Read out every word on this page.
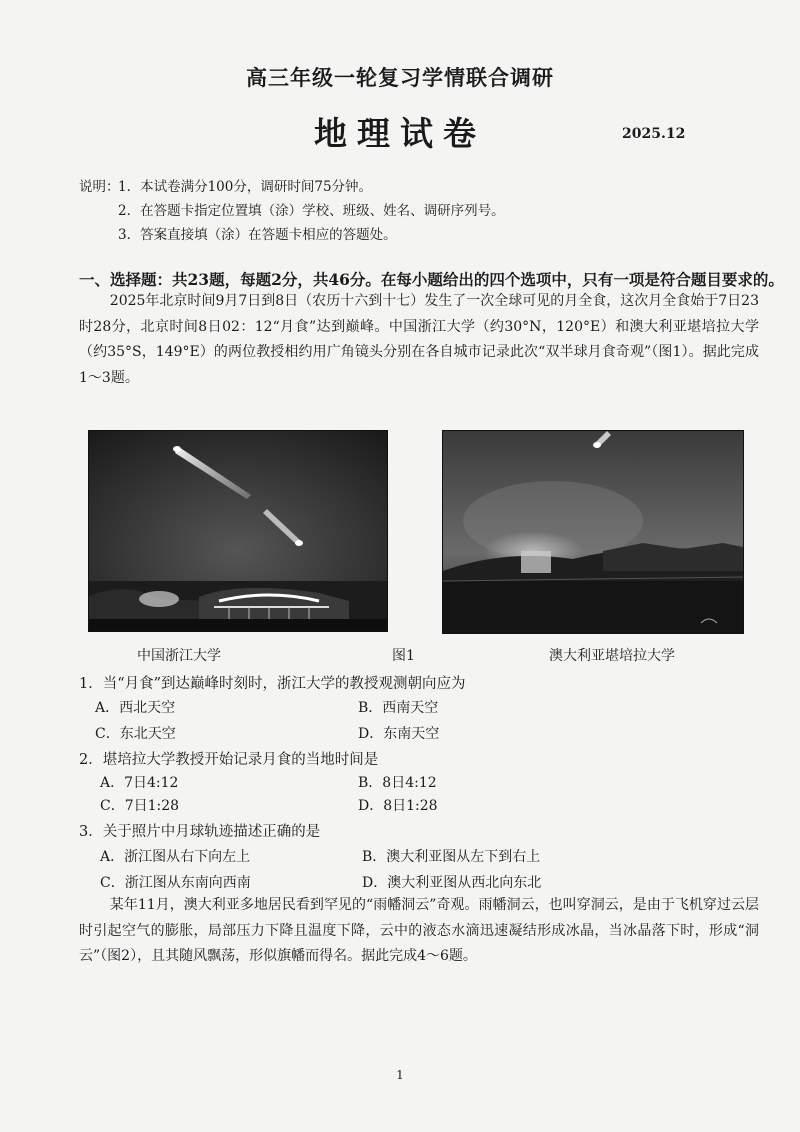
高三年级一轮复习学情联合调研
地理试卷	2025.12
说明：
1．本试卷满分100分，调研时间75分钟。
2．在答题卡指定位置填（涂）学校、班级、姓名、调研序列号。
3．答案直接填（涂）在答题卡相应的答题处。
一、选择题：共23题，每题2分，共46分。在每小题给出的四个选项中，只有一项是符合题目要求的。
2025年北京时间9月7日到8日（农历十六到十七）发生了一次全球可见的月全食，这次月全食始于7日23时28分，北京时间8日02：12“月食”达到巅峰。中国浙江大学（约30°N，120°E）和澳大利亚堪培拉大学（约35°S，149°E）的两位教授相约用广角镜头分别在各自城市记录此次“双半球月食奇观”（图1）。据此完成1～3题。
中国浙江大学	图1	澳大利亚堪培拉大学
1．当“月食”到达巅峰时刻时，浙江大学的教授观测朝向应为
A．西北天空	B．西南天空
C．东北天空	D．东南天空
2．堪培拉大学教授开始记录月食的当地时间是
A．7日4:12	B．8日4:12
C．7日1:28	D．8日1:28
3．关于照片中月球轨迹描述正确的是
A．浙江图从右下向左上	B．澳大利亚图从左下到右上
C．浙江图从东南向西南	D．澳大利亚图从西北向东北
某年11月，澳大利亚多地居民看到罕见的“雨幡洞云”奇观。雨幡洞云，也叫穿洞云，是由于飞机穿过云层时引起空气的膨胀，局部压力下降且温度下降，云中的液态水滴迅速凝结形成冰晶，当冰晶落下时，形成“洞云”（图2），且其随风飘荡，形似旗幡而得名。据此完成4～6题。
1
